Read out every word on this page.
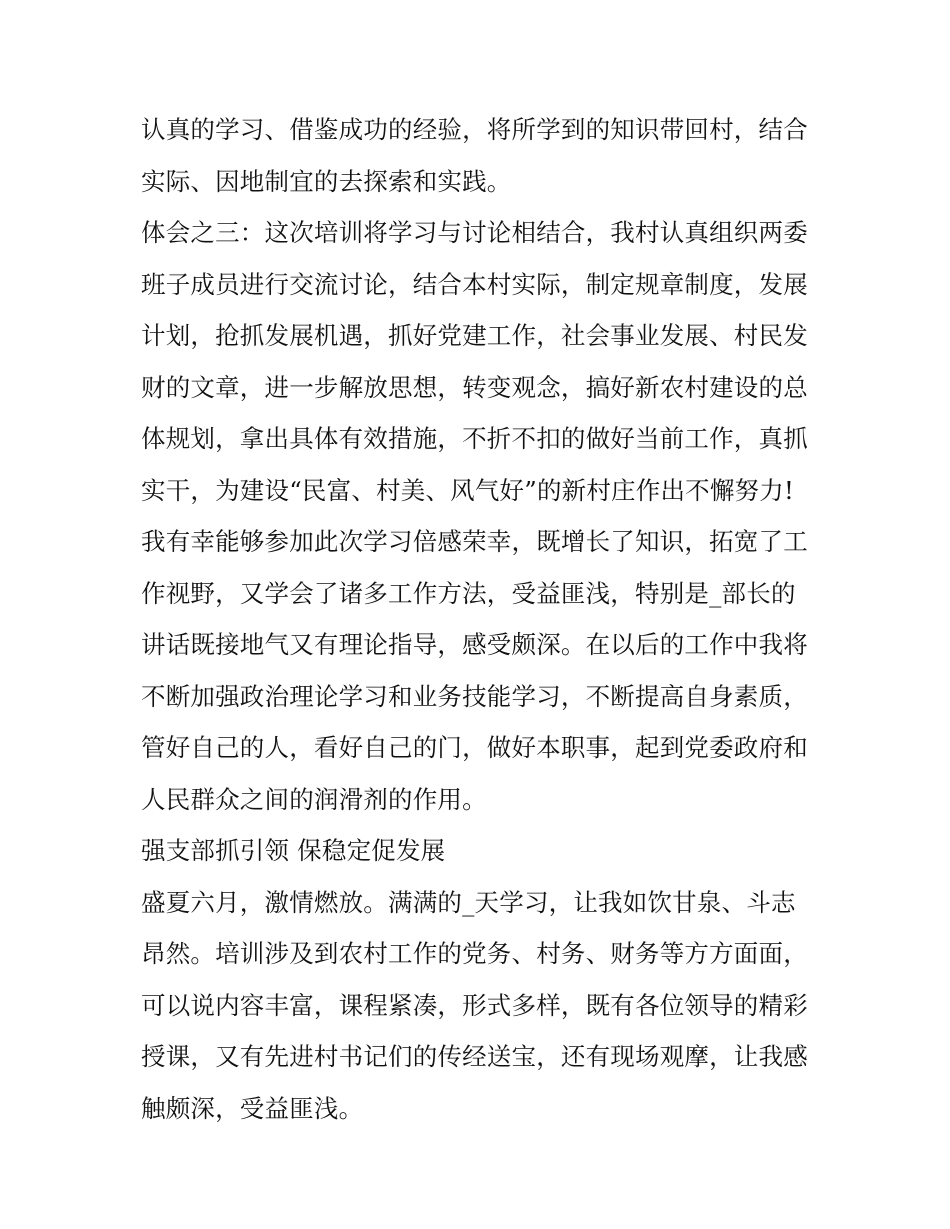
认真的学习、借鉴成功的经验，将所学到的知识带回村，结合
实际、因地制宜的去探索和实践。
体会之三：这次培训将学习与讨论相结合，我村认真组织两委
班子成员进行交流讨论，结合本村实际，制定规章制度，发展
计划，抢抓发展机遇，抓好党建工作，社会事业发展、村民发
财的文章，进一步解放思想，转变观念，搞好新农村建设的总
体规划，拿出具体有效措施，不折不扣的做好当前工作，真抓
实干，为建设“民富、村美、风气好”的新村庄作出不懈努力!
我有幸能够参加此次学习倍感荣幸，既增长了知识，拓宽了工
作视野，又学会了诸多工作方法，受益匪浅，特别是_部长的
讲话既接地气又有理论指导，感受颇深。在以后的工作中我将
不断加强政治理论学习和业务技能学习，不断提高自身素质，
管好自己的人，看好自己的门，做好本职事，起到党委政府和
人民群众之间的润滑剂的作用。
强支部抓引领 保稳定促发展
盛夏六月，激情燃放。满满的_天学习，让我如饮甘泉、斗志
昂然。培训涉及到农村工作的党务、村务、财务等方方面面，
可以说内容丰富，课程紧凑，形式多样，既有各位领导的精彩
授课，又有先进村书记们的传经送宝，还有现场观摩，让我感
触颇深，受益匪浅。
